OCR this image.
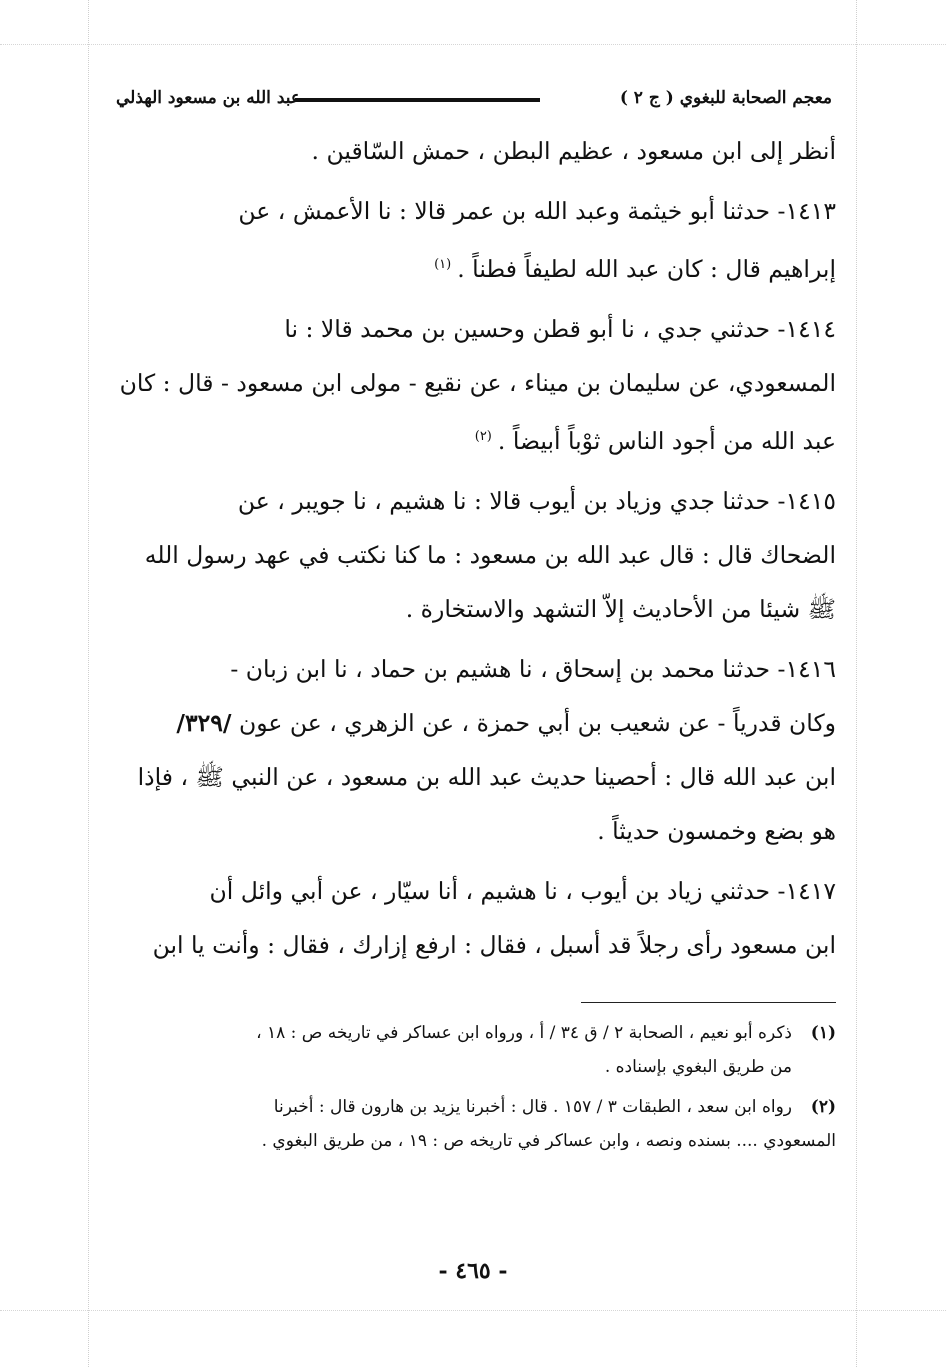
معجم الصحابة للبغوي ( ج ٢ )
عبد الله بن مسعود الهذلي

أنظر إلى ابن مسعود ، عظيم البطن ، حمش السّاقين .

١٤١٣- حدثنا أبو خيثمة وعبد الله بن عمر قالا : نا الأعمش ، عن
إبراهيم قال : كان عبد الله لطيفاً فطناً .$^{(١)}$

١٤١٤- حدثني جدي ، نا أبو قطن وحسين بن محمد قالا : نا
المسعودي، عن سليمان بن ميناء ، عن نقيع - مولى ابن مسعود - قال : كان
عبد الله من أجود الناس ثوْباً أبيضاً .$^{(٢)}$

١٤١٥- حدثنا جدي وزياد بن أيوب قالا : نا هشيم ، نا جويبر ، عن
الضحاك قال : قال عبد الله بن مسعود : ما كنا نكتب في عهد رسول الله
ﷺ شيئا من الأحاديث إلاّ التشهد والاستخارة .

١٤١٦- حدثنا محمد بن إسحاق ، نا هشيم بن حماد ، نا ابن زبان -
وكان قدرياً - عن شعيب بن أبي حمزة ، عن الزهري ، عن عون /٣٢٩/
ابن عبد الله قال : أحصينا حديث عبد الله بن مسعود ، عن النبي ﷺ ، فإذا
هو بضع وخمسون حديثاً .

١٤١٧- حدثني زياد بن أيوب ، نا هشيم ، أنا سيّار ، عن أبي وائل أن
ابن مسعود رأى رجلاً قد أسبل ، فقال : ارفع إزارك ، فقال : وأنت يا ابن

(١)ذكره أبو نعيم ، الصحابة ٢ / ق ٣٤ / أ ، ورواه ابن عساكر في تاريخه ص : ١٨ ،

من طريق البغوي بإسناده .
(٢)رواه ابن سعد ، الطبقات ٣ / ١٥٧ . قال : أخبرنا يزيد بن هارون قال : أخبرنا

المسعودي .... بسنده ونصه ، وابن عساكر في تاريخه ص : ١٩ ، من طريق البغوي .
- ٤٦٥ -
